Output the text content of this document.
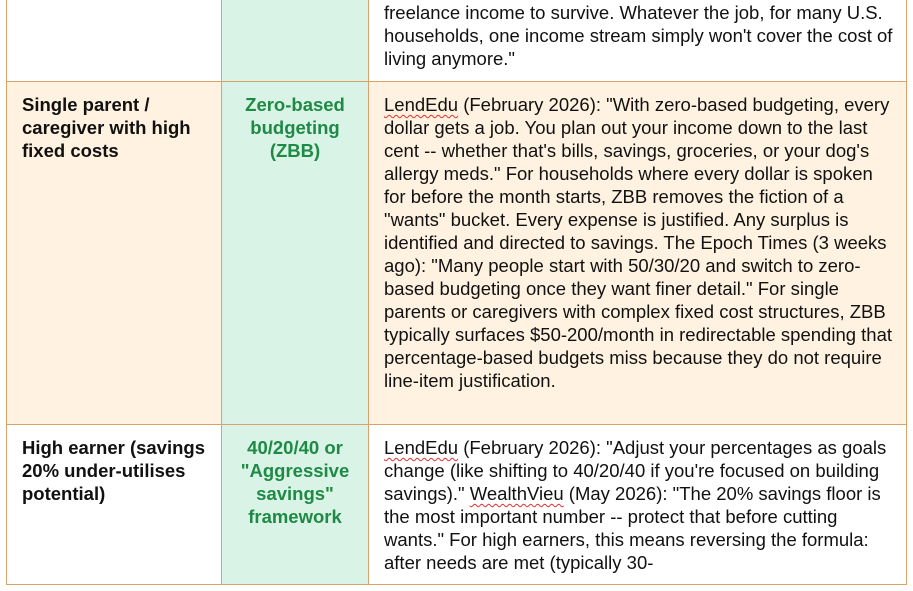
		freelance income to survive. Whatever the job, for many U.S. households, one income stream simply won't cover the cost of living anymore."

Single parent / caregiver with high fixed costs	Zero-based budgeting (ZBB)	LendEdu (February 2026): "With zero-based budgeting, every dollar gets a job. You plan out your income down to the last cent -- whether that's bills, savings, groceries, or your dog's allergy meds." For households where every dollar is spoken for before the month starts, ZBB removes the fiction of a "wants" bucket. Every expense is justified. Any surplus is identified and directed to savings. The Epoch Times (3 weeks ago): "Many people start with 50/30/20 and switch to zero-based budgeting once they want finer detail." For single parents or caregivers with complex fixed cost structures, ZBB typically surfaces $50-200/month in redirectable spending that percentage-based budgets miss because they do not require line-item justification.

High earner (savings 20% under-utilises potential)	40/20/40 or "Aggressive savings" framework	LendEdu (February 2026): "Adjust your percentages as goals change (like shifting to 40/20/40 if you're focused on building savings)." WealthVieu (May 2026): "The 20% savings floor is the most important number -- protect that before cutting wants." For high earners, this means reversing the formula: after needs are met (typically 30-
